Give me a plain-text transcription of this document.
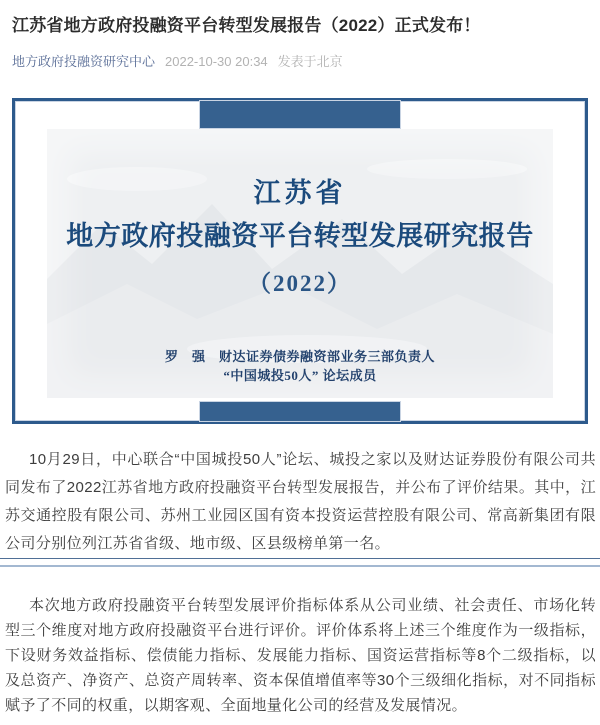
江苏省地方政府投融资平台转型发展报告（2022）正式发布！
地方政府投融资研究中心 2022-10-30 20:34 发表于北京
江苏省
地方政府投融资平台转型发展研究报告
（2022）
罗　强　财达证券债券融资部业务三部负责人
“中国城投50人” 论坛成员

10月29日，中心联合“中国城投50人”论坛、城投之家以及财达证券股份有限公司共同发布了2022江苏省地方政府投融资平台转型发展报告，并公布了评价结果。其中，江苏交通控股有限公司、苏州工业园区国有资本投资运营控股有限公司、常高新集团有限公司分别位列江苏省省级、地市级、区县级榜单第一名。

本次地方政府投融资平台转型发展评价指标体系从公司业绩、社会责任、市场化转型三个维度对地方政府投融资平台进行评价。评价体系将上述三个维度作为一级指标，下设财务效益指标、偿债能力指标、发展能力指标、国资运营指标等8个二级指标，以及总资产、净资产、总资产周转率、资本保值增值率等30个三级细化指标，对不同指标赋予了不同的权重，以期客观、全面地量化公司的经营及发展情况。
